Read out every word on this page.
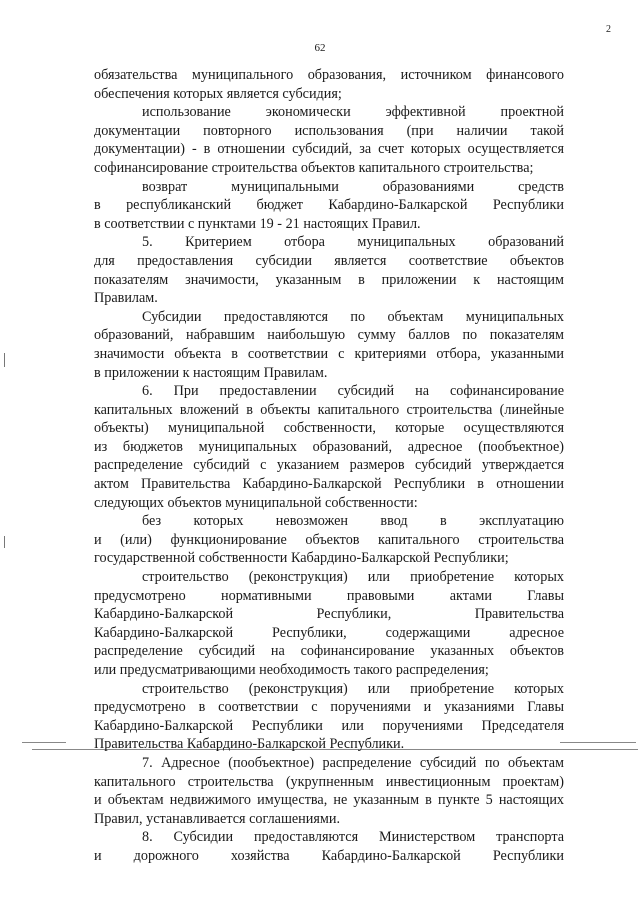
62
2
обязательства муниципального образования, источником финансового
обеспечения которых является субсидия;
использование экономически эффективной проектной
документации повторного использования (при наличии такой
документации) - в отношении субсидий, за счет которых осуществляется
софинансирование строительства объектов капитального строительства;
возврат муниципальными образованиями средств
в республиканский бюджет Кабардино-Балкарской Республики
в соответствии с пунктами 19 - 21 настоящих Правил.
5. Критерием отбора муниципальных образований
для предоставления субсидии является соответствие объектов
показателям значимости, указанным в приложении к настоящим
Правилам.
Субсидии предоставляются по объектам муниципальных
образований, набравшим наибольшую сумму баллов по показателям
значимости объекта в соответствии с критериями отбора, указанными
в приложении к настоящим Правилам.
6. При предоставлении субсидий на софинансирование
капитальных вложений в объекты капитального строительства (линейные
объекты) муниципальной собственности, которые осуществляются
из бюджетов муниципальных образований, адресное (пообъектное)
распределение субсидий с указанием размеров субсидий утверждается
актом Правительства Кабардино-Балкарской Республики в отношении
следующих объектов муниципальной собственности:
без которых невозможен ввод в эксплуатацию
и (или) функционирование объектов капитального строительства
государственной собственности Кабардино-Балкарской Республики;
строительство (реконструкция) или приобретение которых
предусмотрено нормативными правовыми актами Главы
Кабардино-Балкарской Республики, Правительства
Кабардино-Балкарской Республики, содержащими адресное
распределение субсидий на софинансирование указанных объектов
или предусматривающими необходимость такого распределения;
строительство (реконструкция) или приобретение которых
предусмотрено в соответствии с поручениями и указаниями Главы
Кабардино-Балкарской Республики или поручениями Председателя
Правительства Кабардино-Балкарской Республики.
7. Адресное (пообъектное) распределение субсидий по объектам
капитального строительства (укрупненным инвестиционным проектам)
и объектам недвижимого имущества, не указанным в пункте 5 настоящих
Правил, устанавливается соглашениями.
8. Субсидии предоставляются Министерством транспорта
и дорожного хозяйства Кабардино-Балкарской Республики
